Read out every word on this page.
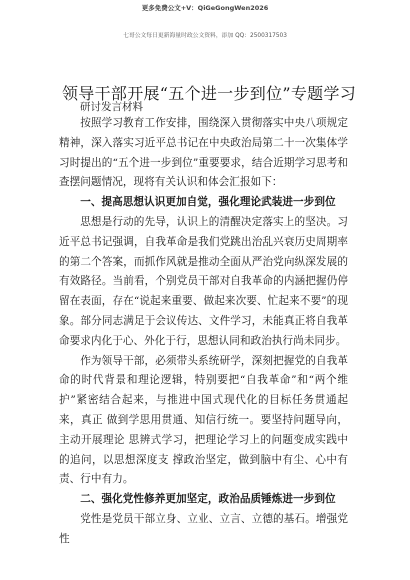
更多免费公文+V：QiGeGongWen2026
七哥公文每日更新海量时政公文资料，添加 QQ：2500317503
领导干部开展“五个进一步到位”专题学习
研讨发言材料

按照学习教育工作安排，围绕深入贯彻落实中央八项规定精神，深入落实习近平总书记在中央政治局第二十一次集体学习时提出的“五个进一步到位”重要要求，结合近期学习思考和查摆问题情况，现将有关认识和体会汇报如下：

一、提高思想认识更加自觉，强化理论武装进一步到位

思想是行动的先导，认识上的清醒决定落实上的坚决。习近平总书记强调，自我革命是我们党跳出治乱兴衰历史周期率的第二个答案，而抓作风就是推动全面从严治党向纵深发展的有效路径。当前看，个别党员干部对自我革命的内涵把握仍停留在表面，存在“说起来重要、做起来次要、忙起来不要”的现象。部分同志满足于会议传达、文件学习，未能真正将自我革命要求内化于心、外化于行，思想认同和政治执行尚未同步。

作为领导干部，必须带头系统研学，深刻把握党的自我革命的时代背景和理论逻辑，特别要把“自我革命”和“两个维护”紧密结合起来，与推进中国式现代化的目标任务贯通起来，真正 做到学思用贯通、知信行统一。要坚持问题导向，主动开展理论 思辨式学习，把理论学习上的问题变成实践中的追问，以思想深度支 撑政治坚定，做到脑中有尘、心中有责、行中有力。

二、强化党性修养更加坚定，政治品质锤炼进一步到位

党性是党员干部立身、立业、立言、立德的基石。增强党性
